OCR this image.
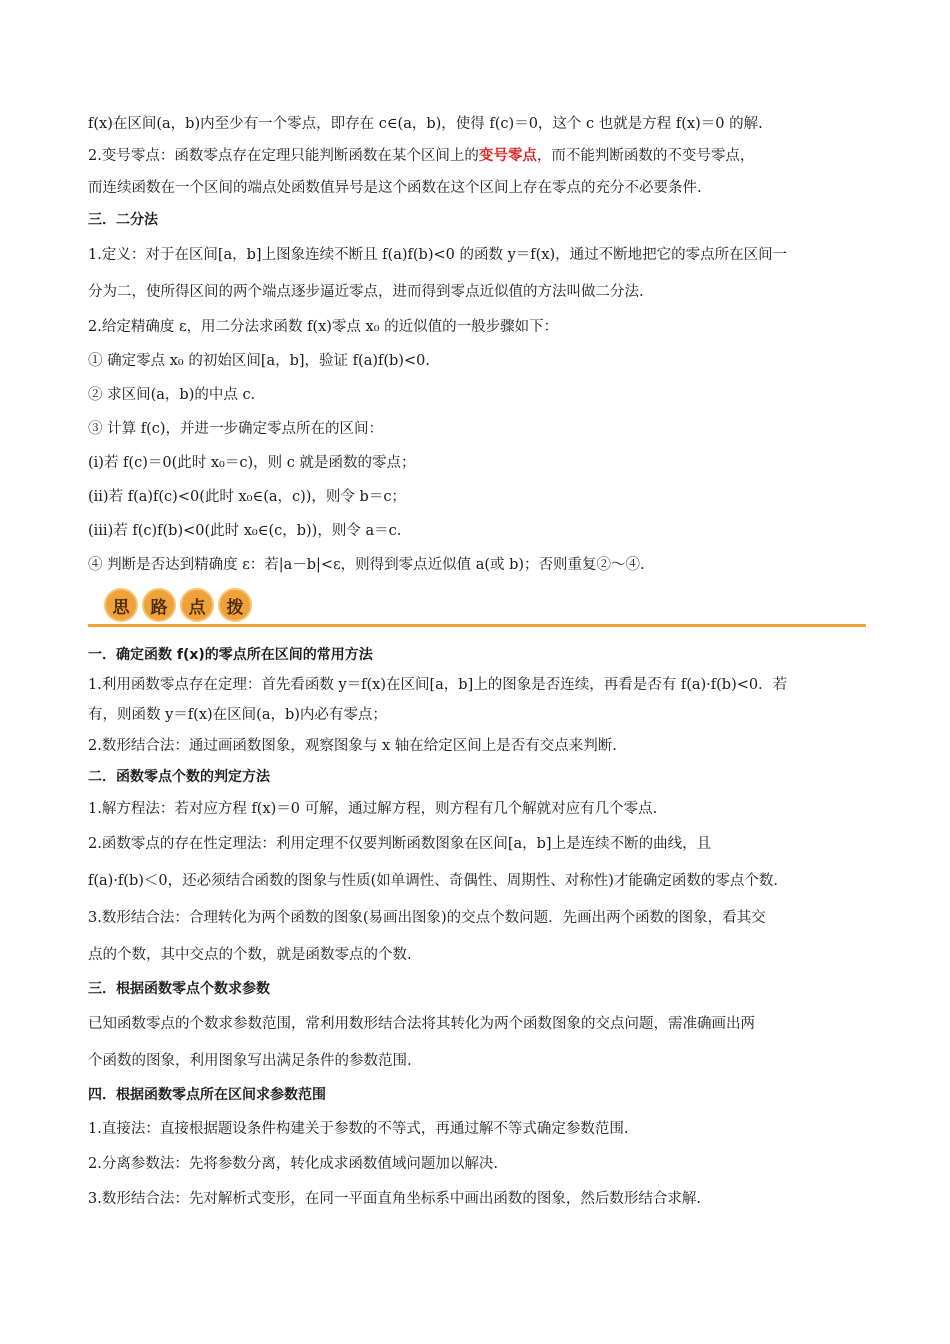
f(x)在区间(a，b)内至少有一个零点，即存在 c∈(a，b)，使得 f(c)＝0，这个 c 也就是方程 f(x)＝0 的解.

2.变号零点：函数零点存在定理只能判断函数在某个区间上的变号零点，而不能判断函数的不变号零点，

而连续函数在一个区间的端点处函数值异号是这个函数在这个区间上存在零点的充分不必要条件.

三．二分法

1.定义：对于在区间[a，b]上图象连续不断且 f(a)f(b)<0 的函数 y＝f(x)，通过不断地把它的零点所在区间一

分为二，使所得区间的两个端点逐步逼近零点，进而得到零点近似值的方法叫做二分法.

2.给定精确度 ε，用二分法求函数 f(x)零点 x₀ 的近似值的一般步骤如下：

① 确定零点 x₀ 的初始区间[a，b]，验证 f(a)f(b)<0.

② 求区间(a，b)的中点 c.

③ 计算 f(c)，并进一步确定零点所在的区间：

(i)若 f(c)＝0(此时 x₀＝c)，则 c 就是函数的零点；

(ii)若 f(a)f(c)<0(此时 x₀∈(a，c))，则令 b＝c；

(iii)若 f(c)f(b)<0(此时 x₀∈(c，b))，则令 a＝c.

④ 判断是否达到精确度 ε：若|a－b|<ε，则得到零点近似值 a(或 b)；否则重复②～④.

思	路	点	拨

一．确定函数 f(x)的零点所在区间的常用方法

1.利用函数零点存在定理：首先看函数 y＝f(x)在区间[a，b]上的图象是否连续，再看是否有 f(a)·f(b)<0．若

有，则函数 y＝f(x)在区间(a，b)内必有零点；

2.数形结合法：通过画函数图象，观察图象与 x 轴在给定区间上是否有交点来判断.

二．函数零点个数的判定方法

1.解方程法：若对应方程 f(x)＝0 可解，通过解方程，则方程有几个解就对应有几个零点.

2.函数零点的存在性定理法：利用定理不仅要判断函数图象在区间[a，b]上是连续不断的曲线，且

f(a)·f(b)＜0，还必须结合函数的图象与性质(如单调性、奇偶性、周期性、对称性)才能确定函数的零点个数.

3.数形结合法：合理转化为两个函数的图象(易画出图象)的交点个数问题．先画出两个函数的图象，看其交

点的个数，其中交点的个数，就是函数零点的个数.

三．根据函数零点个数求参数

已知函数零点的个数求参数范围，常利用数形结合法将其转化为两个函数图象的交点问题，需准确画出两

个函数的图象，利用图象写出满足条件的参数范围.

四．根据函数零点所在区间求参数范围

1.直接法：直接根据题设条件构建关于参数的不等式，再通过解不等式确定参数范围.

2.分离参数法：先将参数分离，转化成求函数值域问题加以解决.

3.数形结合法：先对解析式变形，在同一平面直角坐标系中画出函数的图象，然后数形结合求解.
